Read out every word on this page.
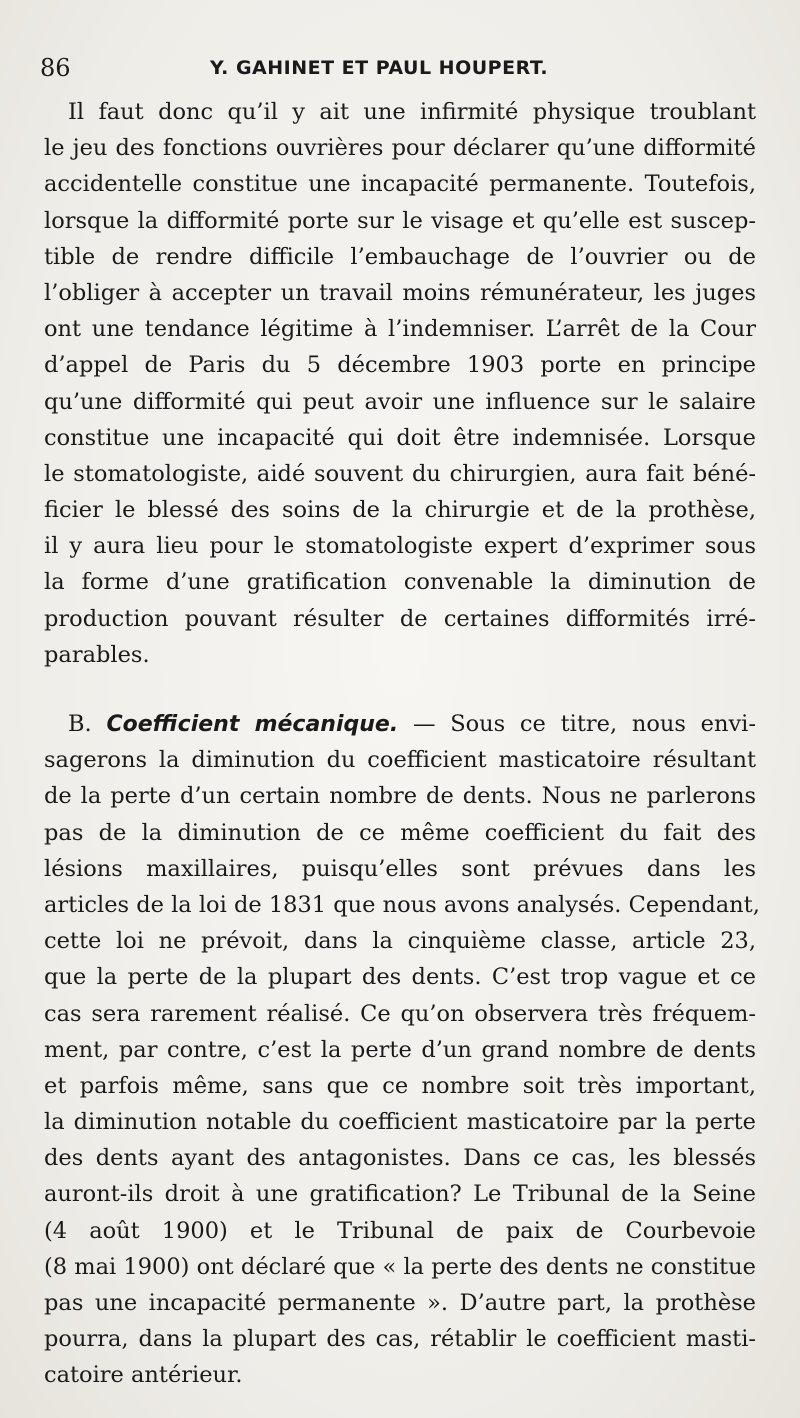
86	Y. GAHINET ET PAUL HOUPERT.
Il faut donc qu’il y ait une infirmité physique troublant
le jeu des fonctions ouvrières pour déclarer qu’une difformité
accidentelle constitue une incapacité permanente. Toutefois,
lorsque la difformité porte sur le visage et qu’elle est suscep-
tible de rendre difficile l’embauchage de l’ouvrier ou de
l’obliger à accepter un travail moins rémunérateur, les juges
ont une tendance légitime à l’indemniser. L’arrêt de la Cour
d’appel de Paris du 5 décembre 1903 porte en principe
qu’une difformité qui peut avoir une influence sur le salaire
constitue une incapacité qui doit être indemnisée. Lorsque
le stomatologiste, aidé souvent du chirurgien, aura fait béné-
ficier le blessé des soins de la chirurgie et de la prothèse,
il y aura lieu pour le stomatologiste expert d’exprimer sous
la forme d’une gratification convenable la diminution de
production pouvant résulter de certaines difformités irré-
parables.
B. Coefficient mécanique. — Sous ce titre, nous envi-
sagerons la diminution du coefficient masticatoire résultant
de la perte d’un certain nombre de dents. Nous ne parlerons
pas de la diminution de ce même coefficient du fait des
lésions maxillaires, puisqu’elles sont prévues dans les
articles de la loi de 1831 que nous avons analysés. Cependant,
cette loi ne prévoit, dans la cinquième classe, article 23,
que la perte de la plupart des dents. C’est trop vague et ce
cas sera rarement réalisé. Ce qu’on observera très fréquem-
ment, par contre, c’est la perte d’un grand nombre de dents
et parfois même, sans que ce nombre soit très important,
la diminution notable du coefficient masticatoire par la perte
des dents ayant des antagonistes. Dans ce cas, les blessés
auront-ils droit à une gratification? Le Tribunal de la Seine
(4 août 1900) et le Tribunal de paix de Courbevoie
(8 mai 1900) ont déclaré que « la perte des dents ne constitue
pas une incapacité permanente ». D’autre part, la prothèse
pourra, dans la plupart des cas, rétablir le coefficient masti-
catoire antérieur.
